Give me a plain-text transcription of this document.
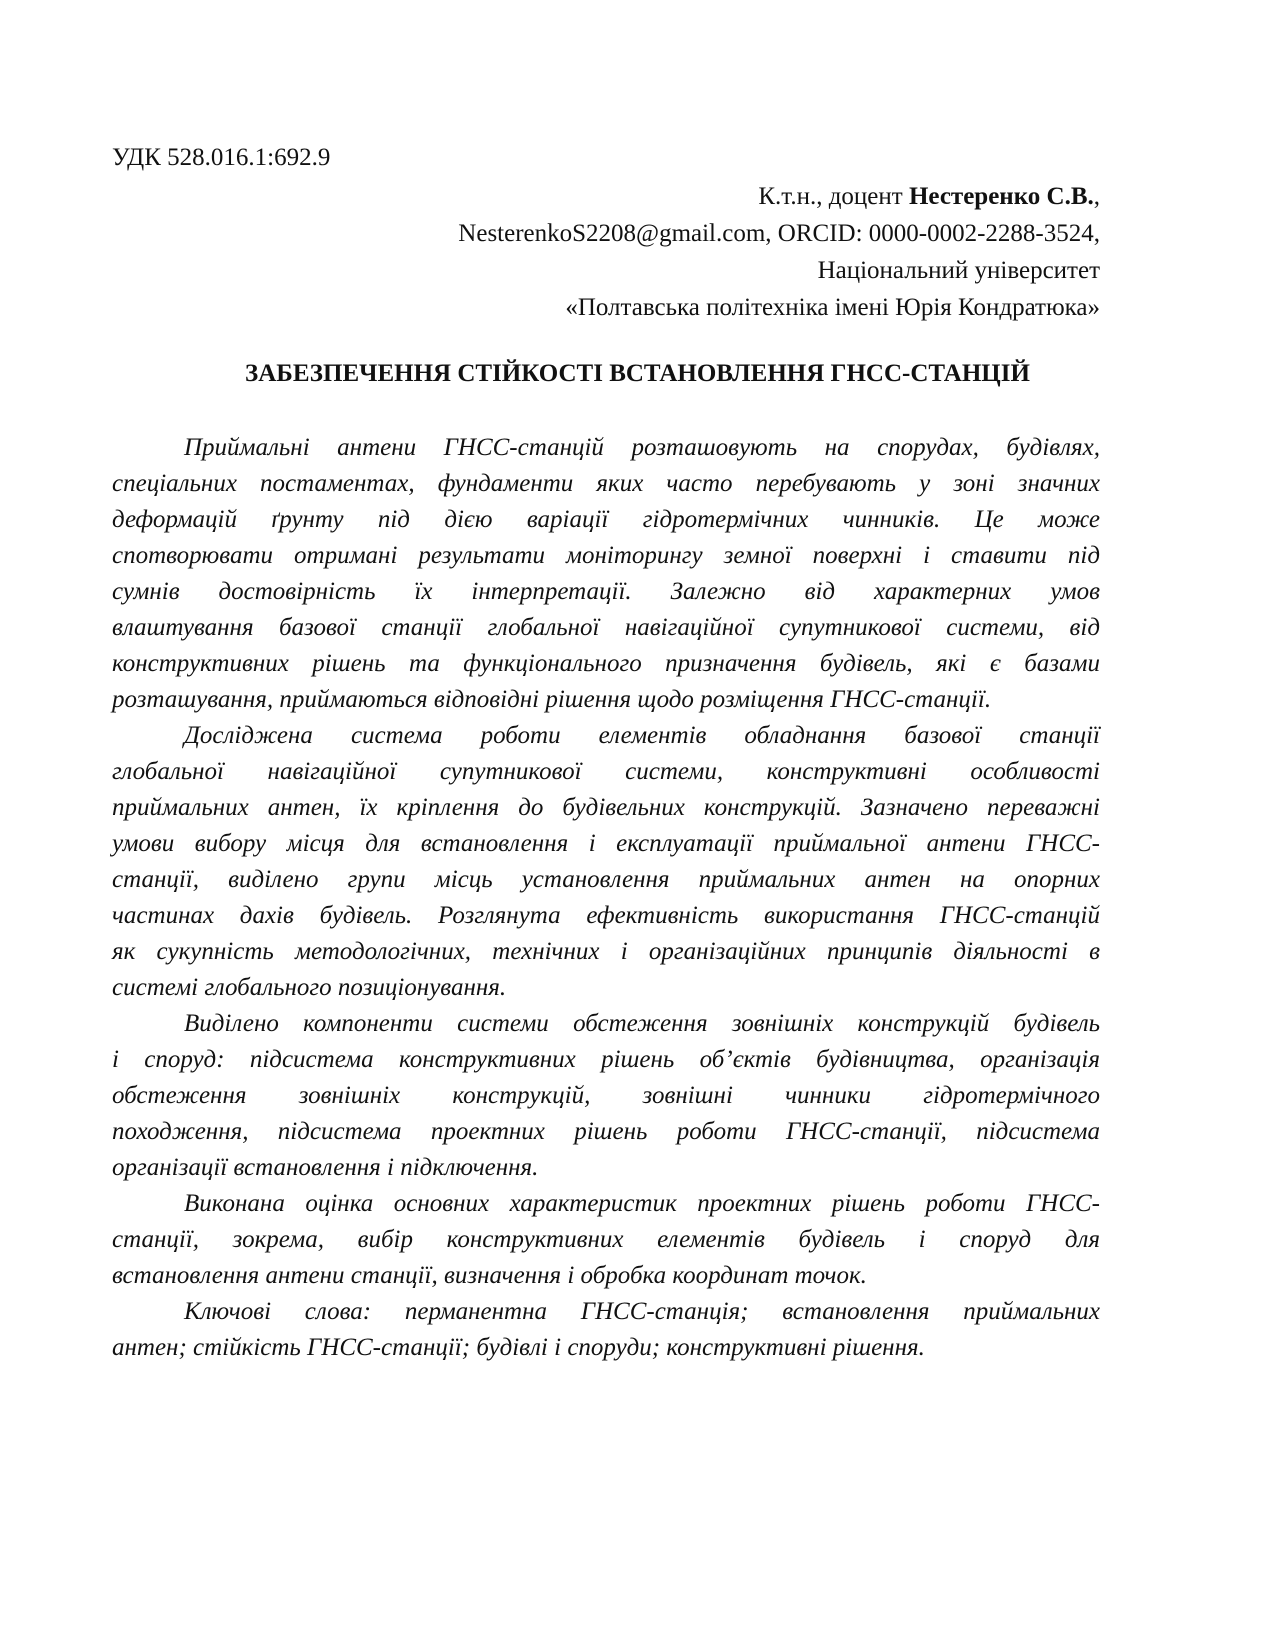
УДК 528.016.1:692.9
К.т.н., доцент Нестеренко С.В.,
NesterenkoS2208@gmail.com, ORCID: 0000-0002-2288-3524,
Національний університет
«Полтавська політехніка імені Юрія Кондратюка»
ЗАБЕЗПЕЧЕННЯ СТІЙКОСТІ ВСТАНОВЛЕННЯ ГНСС-СТАНЦІЙ
Приймальні антени ГНСС-станцій розташовують на спорудах, будівлях,
спеціальних постаментах, фундаменти яких часто перебувають у зоні значних
деформацій ґрунту під дією варіації гідротермічних чинників. Це може
спотворювати отримані результати моніторингу земної поверхні і ставити під
сумнів достовірність їх інтерпретації. Залежно від характерних умов
влаштування базової станції глобальної навігаційної супутникової системи, від
конструктивних рішень та функціонального призначення будівель, які є базами
розташування, приймаються відповідні рішення щодо розміщення ГНСС-станції.
Досліджена система роботи елементів обладнання базової станції
глобальної навігаційної супутникової системи, конструктивні особливості
приймальних антен, їх кріплення до будівельних конструкцій. Зазначено переважні
умови вибору місця для встановлення і експлуатації приймальної антени ГНСС-
станції, виділено групи місць установлення приймальних антен на опорних
частинах дахів будівель. Розглянута ефективність використання ГНСС-станцій
як сукупність методологічних, технічних і організаційних принципів діяльності в
системі глобального позиціонування.
Виділено компоненти системи обстеження зовнішніх конструкцій будівель
і споруд: підсистема конструктивних рішень об’єктів будівництва, організація
обстеження зовнішніх конструкцій, зовнішні чинники гідротермічного
походження, підсистема проектних рішень роботи ГНСС-станції, підсистема
організації встановлення і підключення.
Виконана оцінка основних характеристик проектних рішень роботи ГНСС-
станції, зокрема, вибір конструктивних елементів будівель і споруд для
встановлення антени станції, визначення і обробка координат точок.
Ключові слова: перманентна ГНСС-станція; встановлення приймальних
антен; стійкість ГНСС-станції; будівлі і споруди; конструктивні рішення.
